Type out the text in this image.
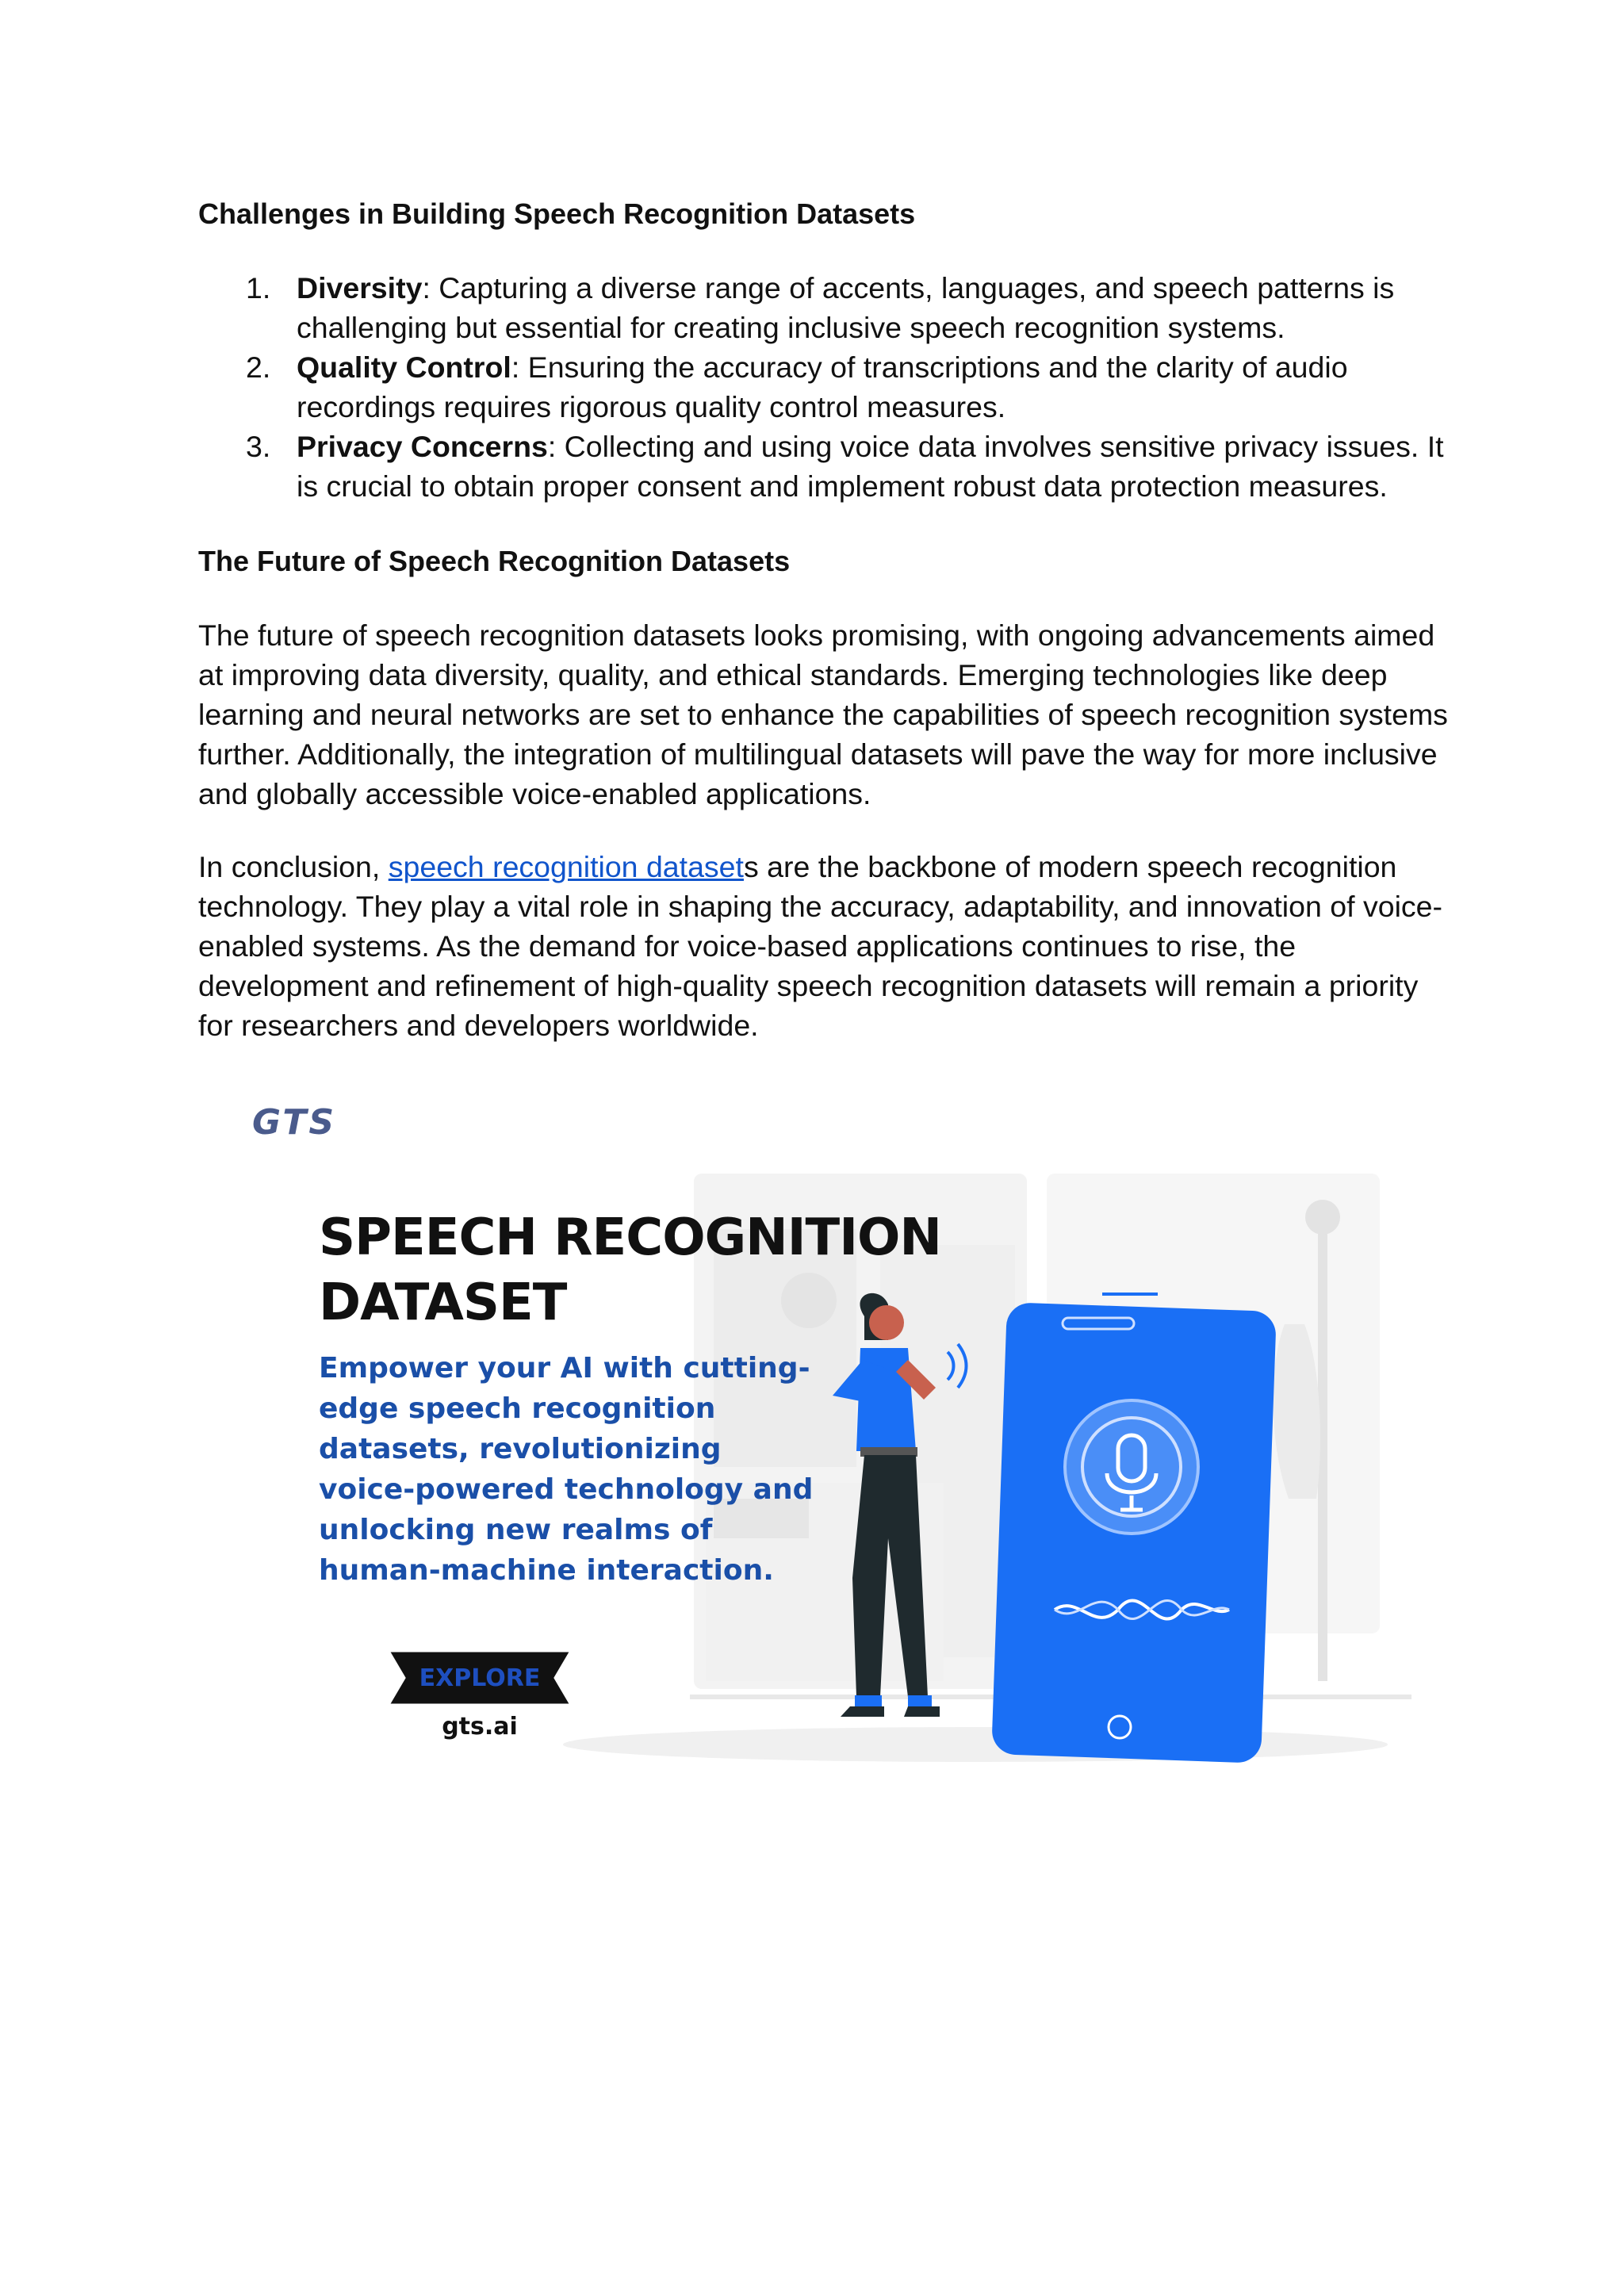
Challenges in Building Speech Recognition Datasets
1. Diversity: Capturing a diverse range of accents, languages, and speech patterns is challenging but essential for creating inclusive speech recognition systems.
2. Quality Control: Ensuring the accuracy of transcriptions and the clarity of audio recordings requires rigorous quality control measures.
3. Privacy Concerns: Collecting and using voice data involves sensitive privacy issues. It is crucial to obtain proper consent and implement robust data protection measures.
The Future of Speech Recognition Datasets

The future of speech recognition datasets looks promising, with ongoing advancements aimed at improving data diversity, quality, and ethical standards. Emerging technologies like deep learning and neural networks are set to enhance the capabilities of speech recognition systems further. Additionally, the integration of multilingual datasets will pave the way for more inclusive and globally accessible voice-enabled applications.

In conclusion, speech recognition datasets are the backbone of modern speech recognition technology. They play a vital role in shaping the accuracy, adaptability, and innovation of voice-enabled systems. As the demand for voice-based applications continues to rise, the development and refinement of high-quality speech recognition datasets will remain a priority for researchers and developers worldwide.

GTS
SPEECH RECOGNITION
DATASET

Empower your AI with cutting-edge speech recognition datasets, revolutionizing voice-powered technology and unlocking new realms of human-machine interaction.

EXPLORE
gts.ai
